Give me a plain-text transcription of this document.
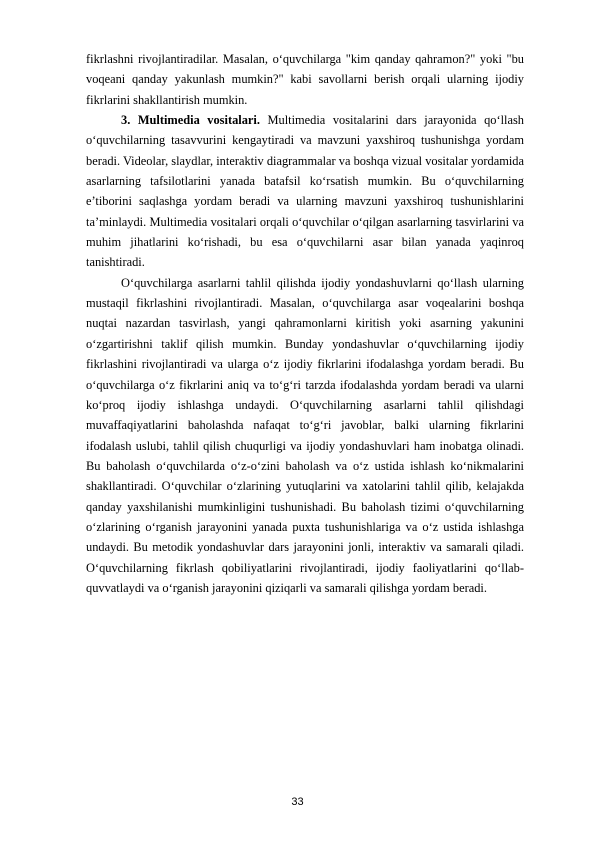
fikrlashni rivojlantiradilar. Masalan, o‘quvchilarga "kim qanday qahramon?" yoki "bu voqeani qanday yakunlash mumkin?" kabi savollarni berish orqali ularning ijodiy fikrlarini shakllantirish mumkin.

3. Multimedia vositalari. Multimedia vositalarini dars jarayonida qo‘llash o‘quvchilarning tasavvurini kengaytiradi va mavzuni yaxshiroq tushunishga yordam beradi. Videolar, slaydlar, interaktiv diagrammalar va boshqa vizual vositalar yordamida asarlarning tafsilotlarini yanada batafsil ko‘rsatish mumkin. Bu o‘quvchilarning e’tiborini saqlashga yordam beradi va ularning mavzuni yaxshiroq tushunishlarini ta’minlaydi. Multimedia vositalari orqali o‘quvchilar o‘qilgan asarlarning tasvirlarini va muhim jihatlarini ko‘rishadi, bu esa o‘quvchilarni asar bilan yanada yaqinroq tanishtiradi.

O‘quvchilarga asarlarni tahlil qilishda ijodiy yondashuvlarni qo‘llash ularning mustaqil fikrlashini rivojlantiradi. Masalan, o‘quvchilarga asar voqealarini boshqa nuqtai nazardan tasvirlash, yangi qahramonlarni kiritish yoki asarning yakunini o‘zgartirishni taklif qilish mumkin. Bunday yondashuvlar o‘quvchilarning ijodiy fikrlashini rivojlantiradi va ularga o‘z ijodiy fikrlarini ifodalashga yordam beradi. Bu o‘quvchilarga o‘z fikrlarini aniq va to‘g‘ri tarzda ifodalashda yordam beradi va ularni ko‘proq ijodiy ishlashga undaydi. O‘quvchilarning asarlarni tahlil qilishdagi muvaffaqiyatlarini baholashda nafaqat to‘g‘ri javoblar, balki ularning fikrlarini ifodalash uslubi, tahlil qilish chuqurligi va ijodiy yondashuvlari ham inobatga olinadi. Bu baholash o‘quvchilarda o‘z-o‘zini baholash va o‘z ustida ishlash ko‘nikmalarini shakllantiradi. O‘quvchilar o‘zlarining yutuqlarini va xatolarini tahlil qilib, kelajakda qanday yaxshilanishi mumkinligini tushunishadi. Bu baholash tizimi o‘quvchilarning o‘zlarining o‘rganish jarayonini yanada puxta tushunishlariga va o‘z ustida ishlashga undaydi. Bu metodik yondashuvlar dars jarayonini jonli, interaktiv va samarali qiladi. O‘quvchilarning fikrlash qobiliyatlarini rivojlantiradi, ijodiy faoliyatlarini qo‘llab-quvvatlaydi va o‘rganish jarayonini qiziqarli va samarali qilishga yordam beradi.

33
